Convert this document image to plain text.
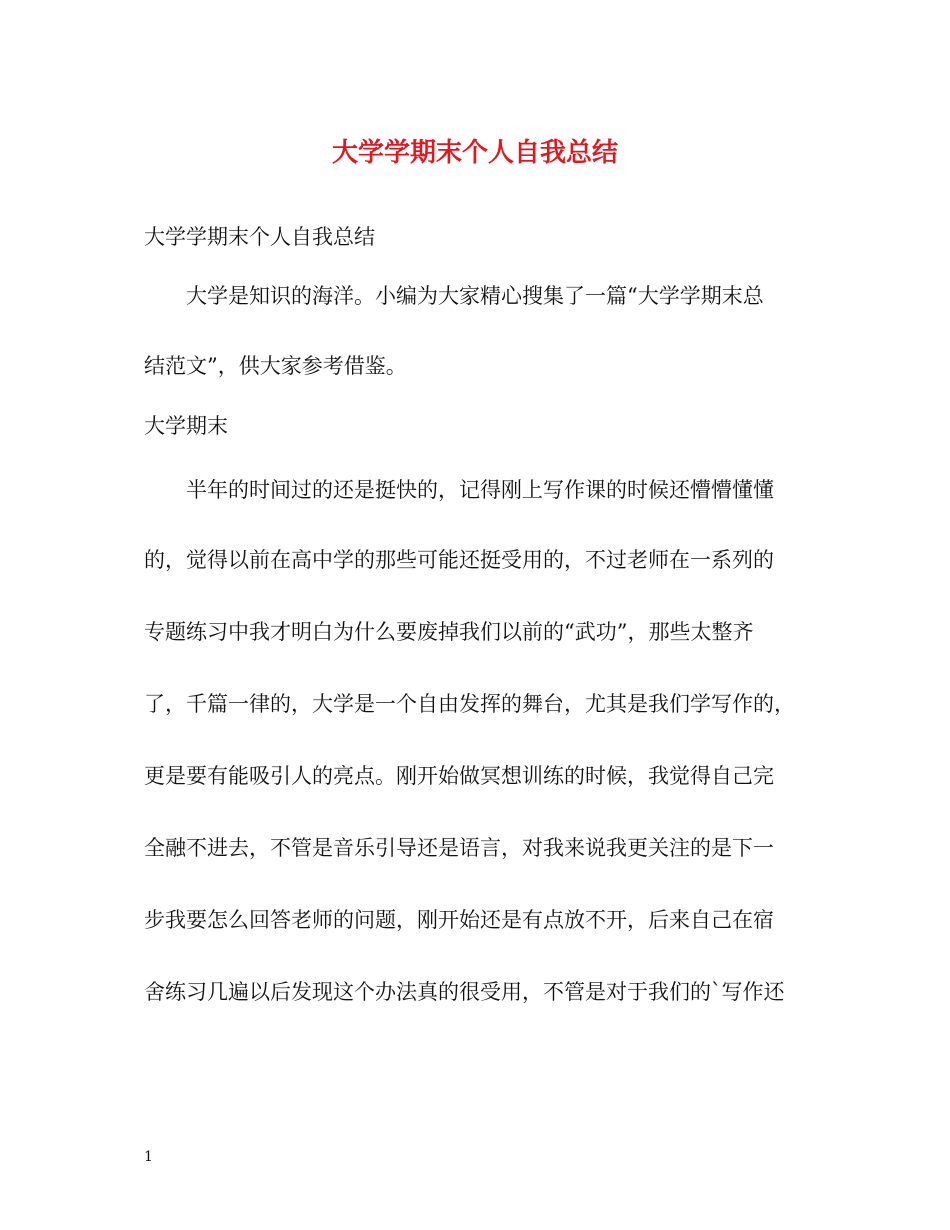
大学学期末个人自我总结
大学学期末个人自我总结
　　大学是知识的海洋。小编为大家精心搜集了一篇“大学学期末总
结范文”，供大家参考借鉴。
大学期末
　　半年的时间过的还是挺快的，记得刚上写作课的时候还懵懵懂懂
的，觉得以前在高中学的那些可能还挺受用的，不过老师在一系列的
专题练习中我才明白为什么要废掉我们以前的“武功”，那些太整齐
了，千篇一律的，大学是一个自由发挥的舞台，尤其是我们学写作的，
更是要有能吸引人的亮点。刚开始做冥想训练的时候，我觉得自己完
全融不进去，不管是音乐引导还是语言，对我来说我更关注的是下一
步我要怎么回答老师的问题，刚开始还是有点放不开，后来自己在宿
舍练习几遍以后发现这个办法真的很受用，不管是对于我们的`写作还
1
